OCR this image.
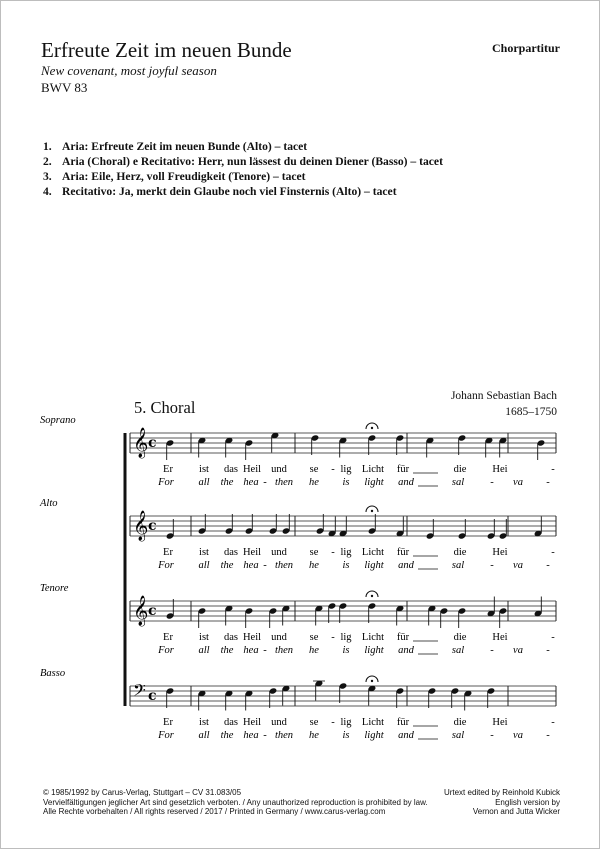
Erfreute Zeit im neuen Bunde
New covenant, most joyful season
BWV 83
Chorpartitur
1. Aria: Erfreute Zeit im neuen Bunde (Alto) – tacet
2. Aria (Choral) e Recitativo: Herr, nun lässest du deinen Diener (Basso) – tacet
3. Aria: Eile, Herz, voll Freudigkeit (Tenore) – tacet
4. Recitativo: Ja, merkt dein Glaube noch viel Finsternis (Alto) – tacet
Johann Sebastian Bach
1685–1750
5. Choral
Soprano
𝄞 c
Er ist das Heil und se - lig Licht für	die Hei	-
For all the hea - then he is light and	sal - va -
Alto
𝄞 c
Er ist das Heil und se - lig Licht für	die Hei	-
For all the hea - then he is light and	sal - va -
Tenore
𝄞 c
Er ist das Heil und se - lig Licht für	die Hei	-
For all the hea - then he is light and	sal - va -
Basso
𝄢 c
Er ist das Heil und se - lig Licht für	die Hei	-
For all the hea - then he is light and	sal - va -
© 1985/1992 by Carus-Verlag, Stuttgart – CV 31.083/05
Vervielfältigungen jeglicher Art sind gesetzlich verboten. / Any unauthorized reproduction is prohibited by law.
Alle Rechte vorbehalten / All rights reserved / 2017 / Printed in Germany / www.carus-verlag.com
Urtext edited by Reinhold Kubick
English version by
Vernon and Jutta Wicker
